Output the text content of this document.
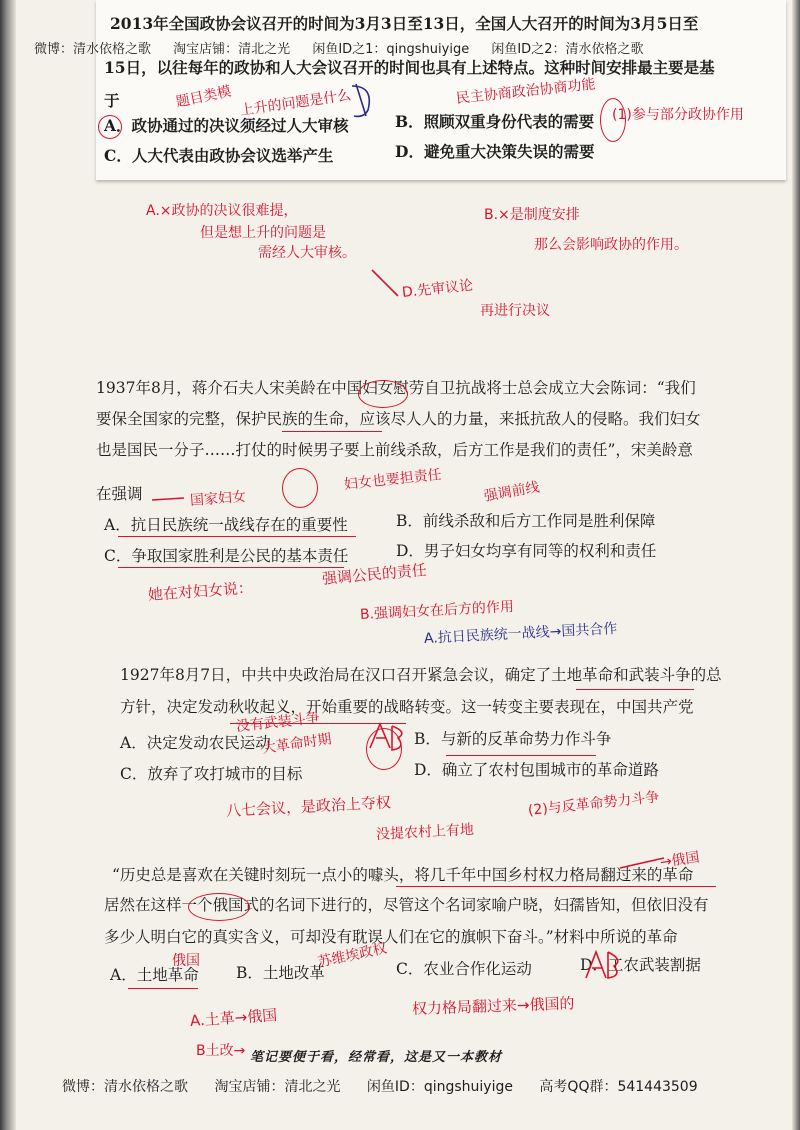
微博：清水依格之歌 淘宝店铺：清北之光 闲鱼ID之1：qingshuiyige 闲鱼ID之2：清水依格之歌
2013年全国政协会议召开的时间为3月3日至13日，全国人大召开的时间为3月5日至
15日，以往每年的政协和人大会议召开的时间也具有上述特点。这种时间安排最主要是基
于
A．政协通过的决议须经过人大审核	B．照顾双重身份代表的需要
C．人大代表由政协会议选举产生	D．避免重大决策失误的需要
题目类模 上升的问题是什么	民主协商政治协商功能
(1)参与部分政协作用
A.×政协的决议很难提，
但是想上升的问题是
需经人大审核。
B.×是制度安排
那么会影响政协的作用。
D.先审议论
再进行决议
1937年8月，蒋介石夫人宋美龄在中国妇女慰劳自卫抗战将士总会成立大会陈词：“我们
要保全国家的完整，保护民族的生命，应该尽人人的力量，来抵抗敌人的侵略。我们妇女
也是国民一分子……打仗的时候男子要上前线杀敌，后方工作是我们的责任”，宋美龄意
在强调
A．抗日民族统一战线存在的重要性	B．前线杀敌和后方工作同是胜利保障
C．争取国家胜利是公民的基本责任	D．男子妇女均享有同等的权利和责任
国家妇女
妇女也要担责任	强调前线
她在对妇女说：
强调公民的责任
B.强调妇女在后方的作用
A.抗日民族统一战线→国共合作
1927年8月7日，中共中央政治局在汉口召开紧急会议，确定了土地革命和武装斗争的总
方针，决定发动秋收起义，开始重要的战略转变。这一转变主要表现在，中国共产党
A．决定发动农民运动	B．与新的反革命势力作斗争
C．放弃了攻打城市的目标	D．确立了农村包围城市的革命道路
没有武装斗争
大革命时期
八七会议，是政治上夺权
没提农村上有地
(2)与反革命势力斗争
“历史总是喜欢在关键时刻玩一点小的噱头，将几千年中国乡村权力格局翻过来的革命
居然在这样一个俄国式的名词下进行的，尽管这个名词家喻户晓，妇孺皆知，但依旧没有
多少人明白它的真实含义，可却没有耽误人们在它的旗帜下奋斗。”材料中所说的革命
A．土地革命 B．土地改革	C．农业合作化运动	D．工农武装割据
→俄国
俄国	苏维埃政权
A.土革→俄国	权力格局翻过来→俄国的
B土改→ 笔记要便于看，经常看，这是又一本教材
微博：清水依格之歌 淘宝店铺：清北之光 闲鱼ID：qingshuiyige 高考QQ群：541443509
